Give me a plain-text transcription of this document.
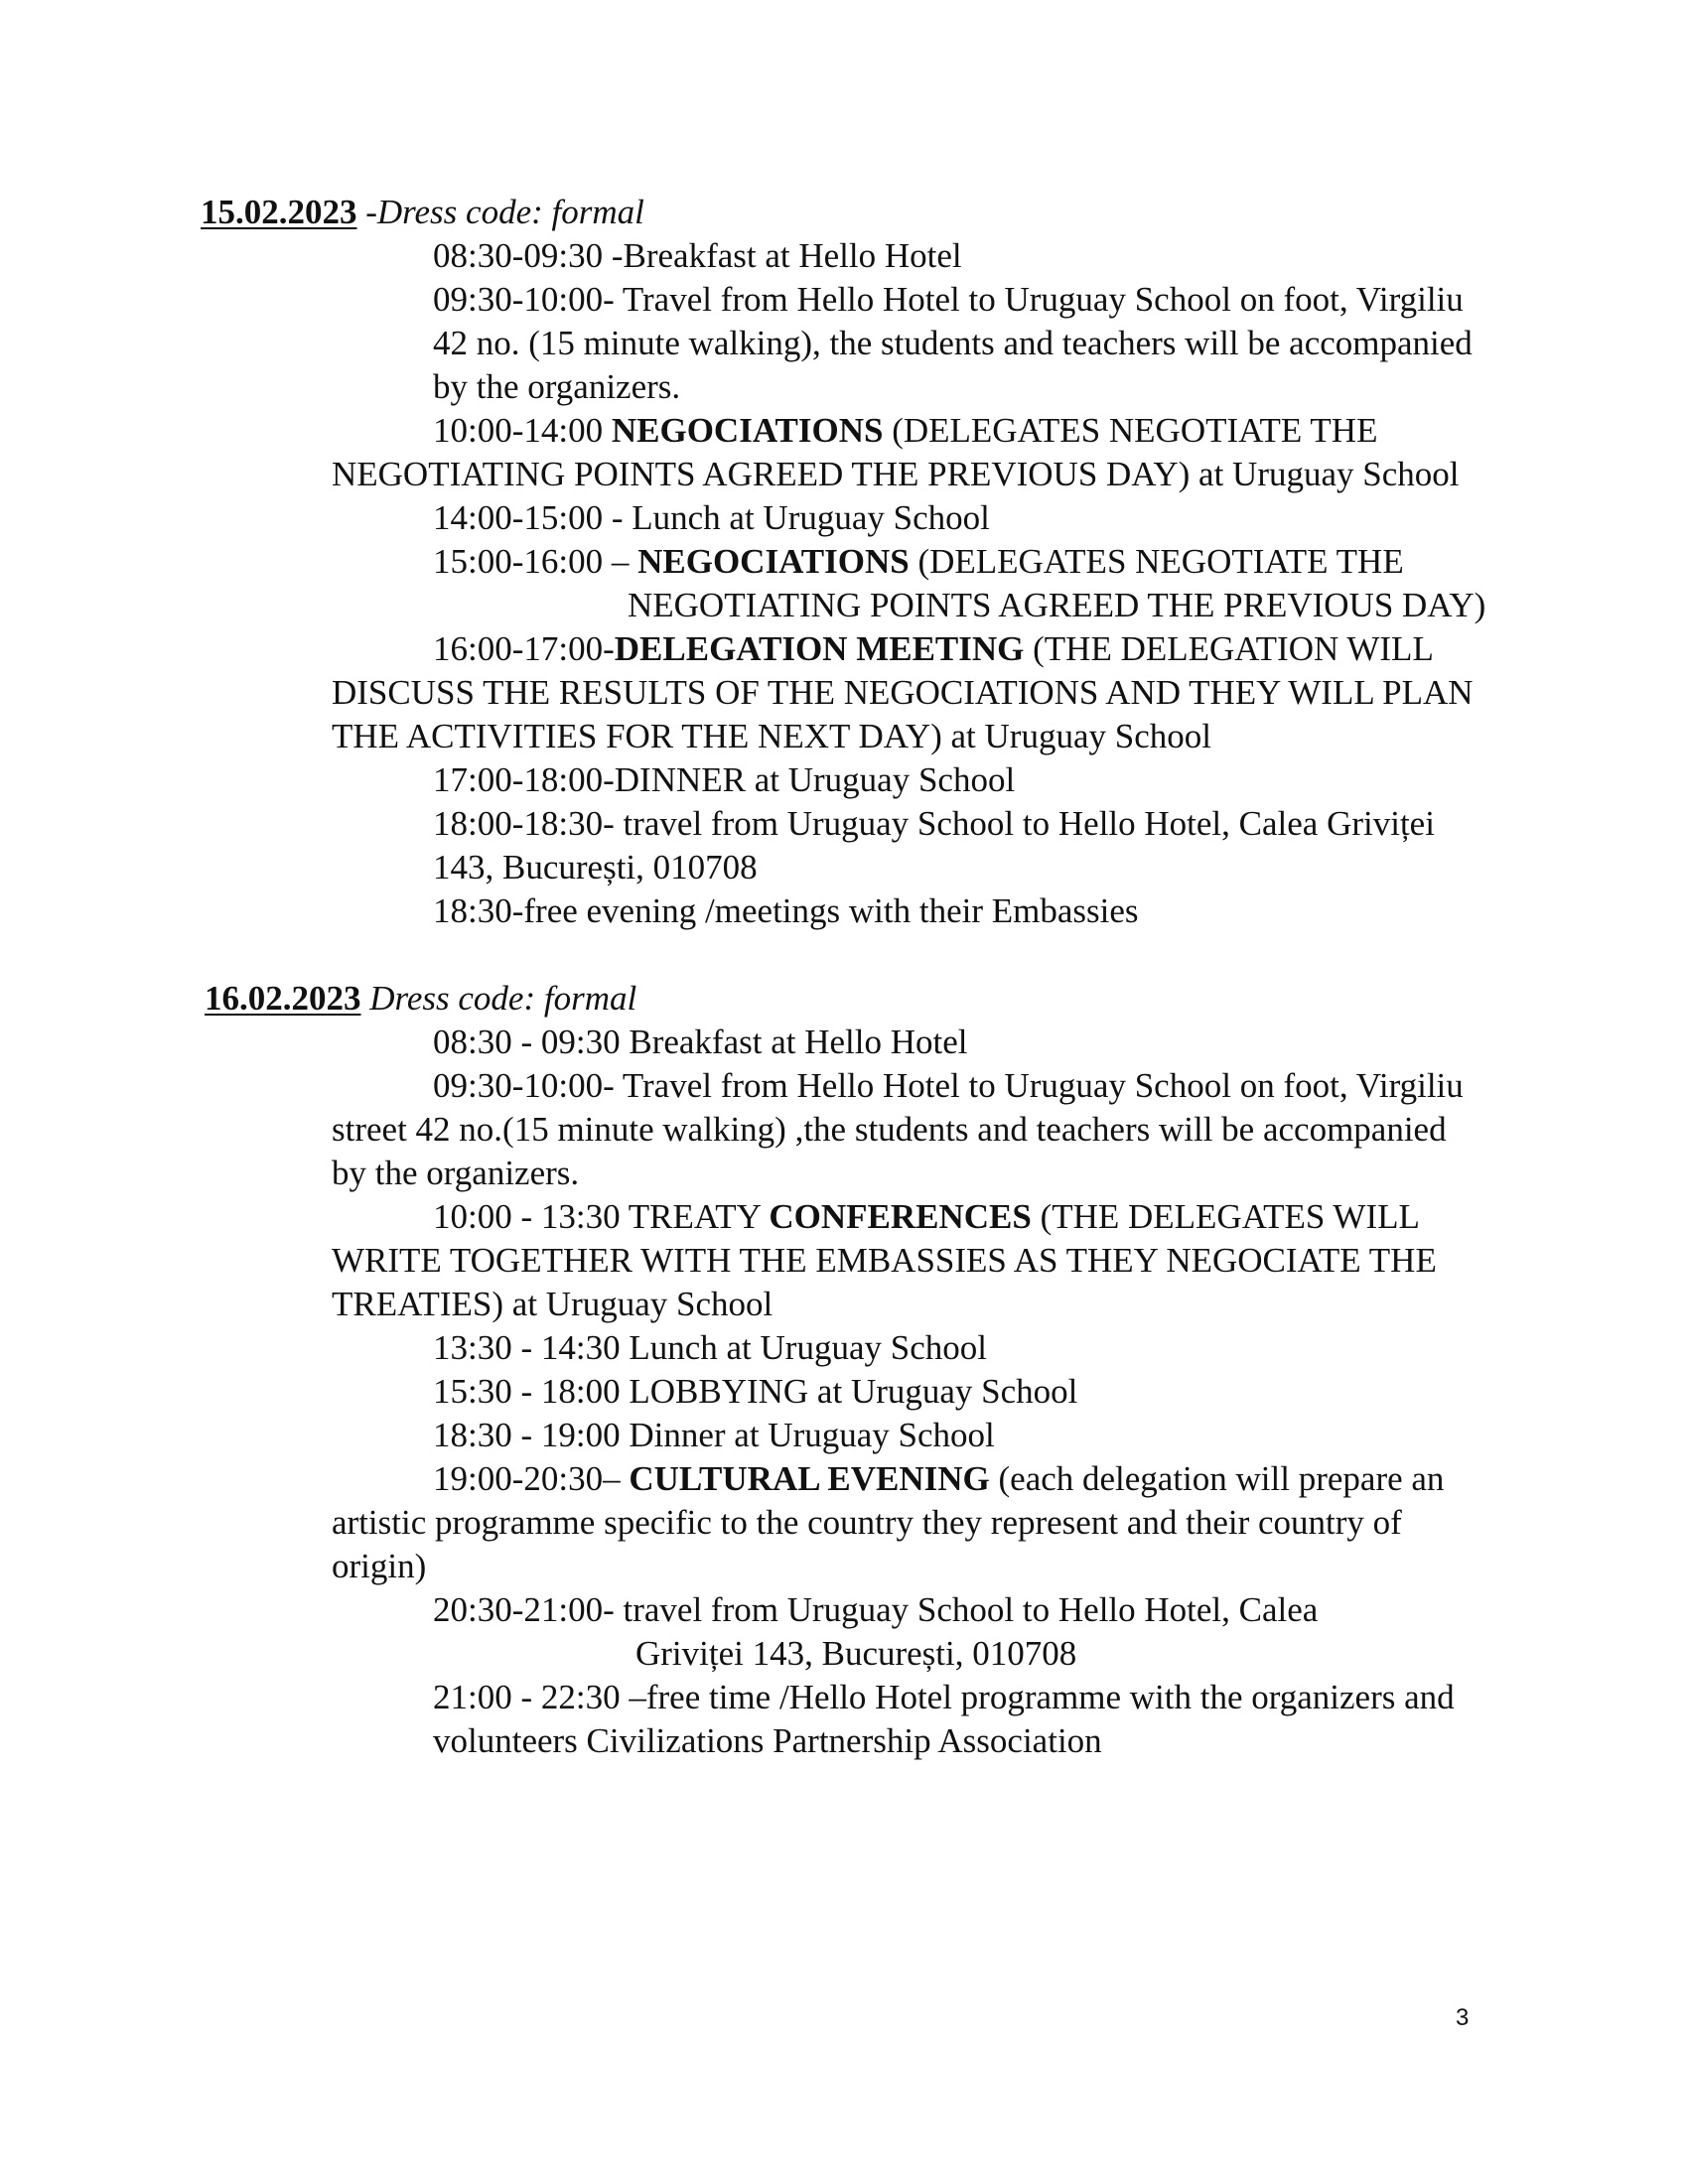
15.02.2023 -Dress code: formal
08:30-09:30 -Breakfast at Hello Hotel
09:30-10:00- Travel from Hello Hotel to Uruguay School on foot, Virgiliu
42 no. (15 minute walking), the students and teachers will be accompanied
by the organizers.
10:00-14:00 NEGOCIATIONS (DELEGATES NEGOTIATE THE
NEGOTIATING POINTS AGREED THE PREVIOUS DAY) at Uruguay School
14:00-15:00 - Lunch at Uruguay School
15:00-16:00 – NEGOCIATIONS (DELEGATES NEGOTIATE THE
NEGOTIATING POINTS AGREED THE PREVIOUS DAY)
16:00-17:00-DELEGATION MEETING (THE DELEGATION WILL
DISCUSS THE RESULTS OF THE NEGOCIATIONS AND THEY WILL PLAN
THE ACTIVITIES FOR THE NEXT DAY) at Uruguay School
17:00-18:00-DINNER at Uruguay School
18:00-18:30- travel from Uruguay School to Hello Hotel, Calea Griviței
143, București, 010708
18:30-free evening /meetings with their Embassies
16.02.2023 Dress code: formal
08:30 - 09:30 Breakfast at Hello Hotel
09:30-10:00- Travel from Hello Hotel to Uruguay School on foot, Virgiliu
street 42 no.(15 minute walking) ,the students and teachers will be accompanied
by the organizers.
10:00 - 13:30 TREATY CONFERENCES (THE DELEGATES WILL
WRITE TOGETHER WITH THE EMBASSIES AS THEY NEGOCIATE THE
TREATIES) at Uruguay School
13:30 - 14:30 Lunch at Uruguay School
15:30 - 18:00 LOBBYING at Uruguay School
18:30 - 19:00 Dinner at Uruguay School
19:00-20:30– CULTURAL EVENING (each delegation will prepare an
artistic programme specific to the country they represent and their country of
origin)
20:30-21:00- travel from Uruguay School to Hello Hotel, Calea
Griviței 143, București, 010708
21:00 - 22:30 –free time /Hello Hotel programme with the organizers and
volunteers Civilizations Partnership Association
3
